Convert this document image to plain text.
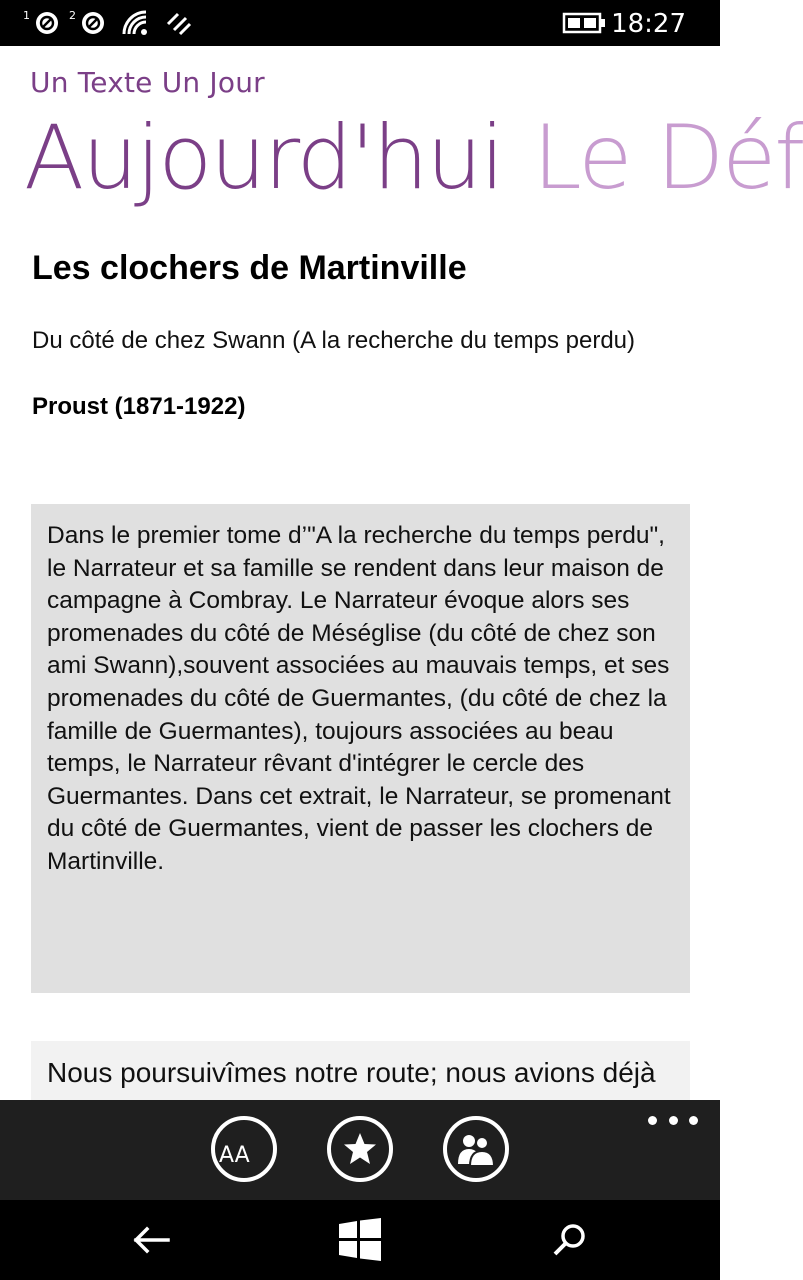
1	2	18:27
Un Texte Un Jour
Aujourd'hui Le Déf
Les clochers de Martinville
Du côté de chez Swann (A la recherche du temps perdu)
Proust (1871-1922)
Dans le premier tome d’"A la recherche du temps perdu", le Narrateur et sa famille se rendent dans leur maison de campagne à Combray. Le Narrateur évoque alors ses promenades du côté de Méséglise (du côté de chez son ami Swann),souvent associées au mauvais temps, et ses promenades du côté de Guermantes, (du côté de chez la famille de Guermantes), toujours associées au beau temps, le Narrateur rêvant d'intégrer le cercle des Guermantes. Dans cet extrait, le Narrateur, se promenant du côté de Guermantes, vient de passer les clochers de Martinville.
Nous poursuivîmes notre route; nous avions déjà
AA
